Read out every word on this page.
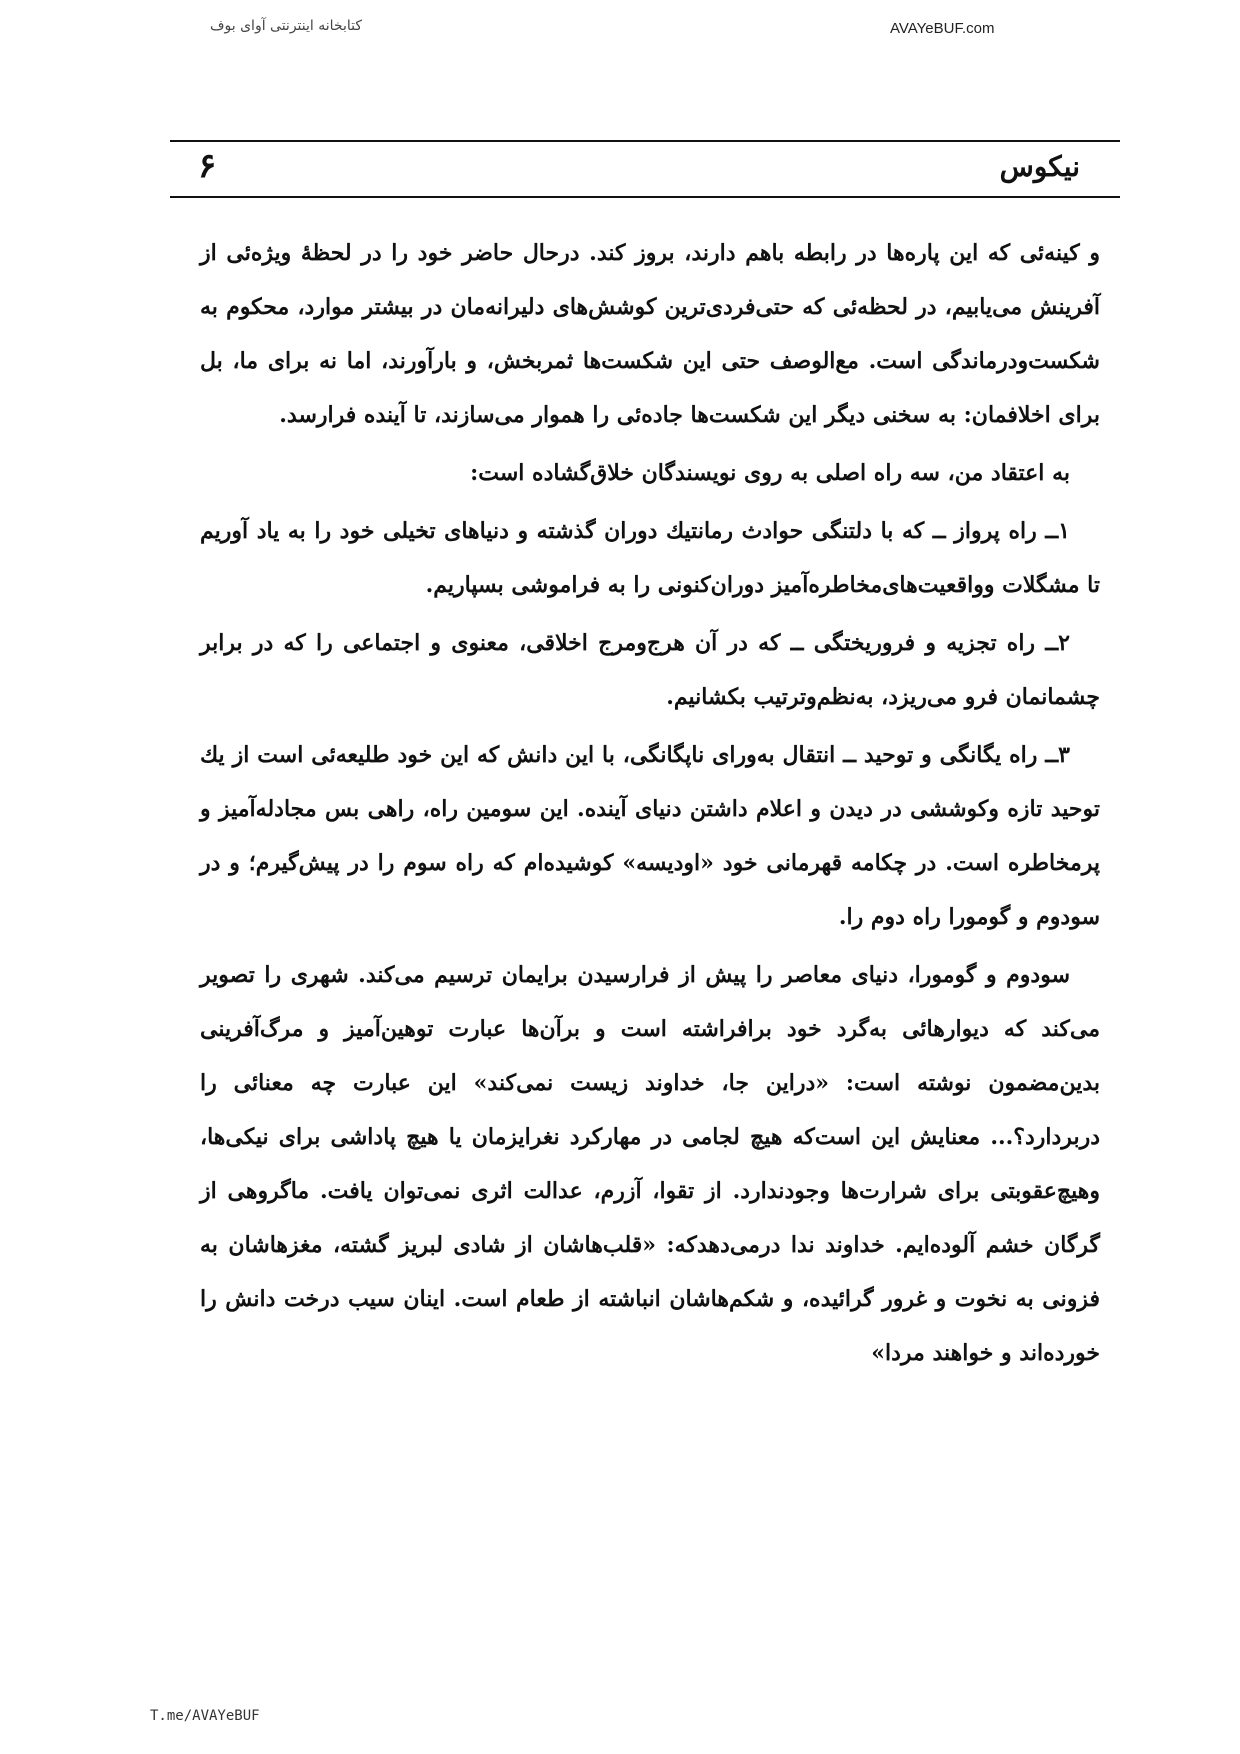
کتابخانه اینترنتی آوای بوف	AVAYeBUF.com
نیکوس
۶

و کینه‌ئی که این پاره‌ها در رابطه باهم دارند، بروز کند. درحال حاضر خود را در لحظهٔ ویژه‌ئی از آفرینش می‌یابیم، در لحظه‌ئی که حتی‌فردی‌ترین کوشش‌های دلیرانه‌مان در بیشتر موارد، محکوم به شکست‌ودرماندگی است. مع‌الوصف حتی این شکست‌ها ثمربخش، و بارآورند، اما نه برای ما، بل برای اخلافمان: به سخنی دیگر این شکست‌ها جاده‌ئی را هموار می‌سازند، تا آینده فرارسد.

به اعتقاد من، سه راه اصلی به روی نویسندگان خلاق‌گشاده است:

۱ــ راه پرواز ــ که با دلتنگی حوادث رمانتیك دوران گذشته و دنیاهای تخیلی خود را به یاد آوریم تا مشگلات وواقعیت‌های‌مخاطره‌آمیز دوران‌کنونی را به فراموشی بسپاریم.

۲ــ راه تجزیه و فروریختگی ــ که در آن هرج‌ومرج اخلاقی، معنوی و اجتماعی را که در برابر چشمانمان فرو می‌ریزد، به‌نظم‌وترتیب بکشانیم.

۳ــ راه یگانگی و توحید ــ انتقال به‌ورای ناپگانگی، با این دانش که این خود طلیعه‌ئی است از یك توحید تازه وکوششی در دیدن و اعلام داشتن دنیای آینده. این سومین راه، راهی بس مجادله‌آمیز و پرمخاطره است. در چکامه قهرمانی خود «اودیسه» کوشیده‌ام که راه سوم را در پیش‌گیرم؛ و در سودوم و گومورا راه دوم را.

سودوم و گومورا، دنیای معاصر را پیش از فرارسیدن برایمان ترسیم می‌کند. شهری را تصویر می‌کند که دیوارهائی به‌گرد خود برافراشته است و برآن‌ها عبارت توهین‌آمیز و مرگ‌آفرینی بدین‌مضمون نوشته است: «دراین جا، خداوند زیست نمی‌کند» این عبارت چه معنائی را دربردارد؟... معنایش این است‌که هیچ لجامی در مهارکرد نغرایزمان یا هیچ پاداشی برای نیکی‌ها، وهیچ‌عقوبتی برای شرارت‌ها وجودندارد. از تقوا، آزرم، عدالت اثری نمی‌توان یافت. ماگروهی از گرگان خشم آلوده‌ایم. خداوند ندا درمی‌دهدکه: «قلب‌هاشان از شادی لبریز گشته، مغزهاشان به فزونی به نخوت و غرور گرائیده، و شکم‌هاشان انباشته از طعام است. اینان سیب درخت دانش را خورده‌اند و خواهند مردا»

T.me/AVAYeBUF
